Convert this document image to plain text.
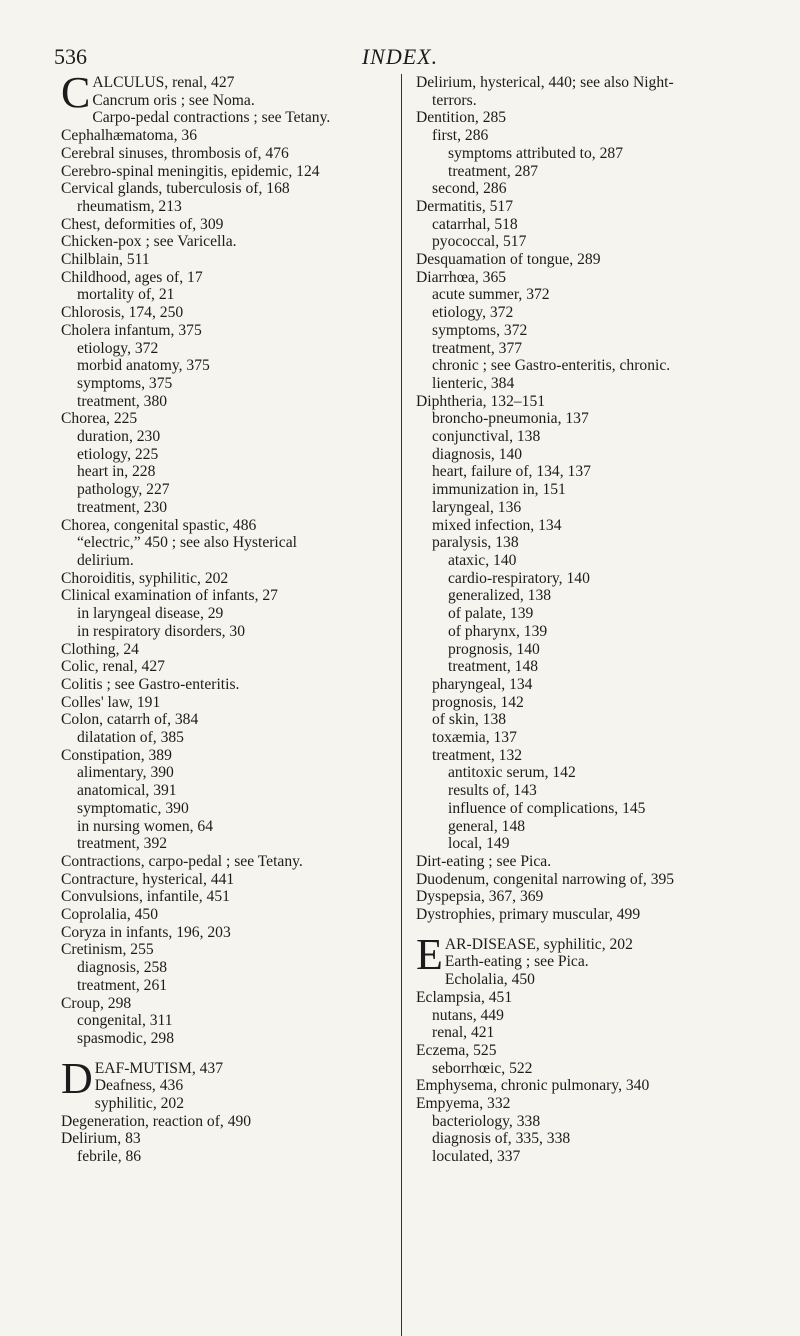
536	INDEX.
CALCULUS, renal, 427
Cancrum oris ; see Noma.
Carpo-pedal contractions ; see Tetany.
Cephalhæmatoma, 36
Cerebral sinuses, thrombosis of, 476
Cerebro-spinal meningitis, epidemic, 124
Cervical glands, tuberculosis of, 168
rheumatism, 213
Chest, deformities of, 309
Chicken-pox ; see Varicella.
Chilblain, 511
Childhood, ages of, 17
mortality of, 21
Chlorosis, 174, 250
Cholera infantum, 375
etiology, 372
morbid anatomy, 375
symptoms, 375
treatment, 380
Chorea, 225
duration, 230
etiology, 225
heart in, 228
pathology, 227
treatment, 230
Chorea, congenital spastic, 486
“electric,” 450 ; see also Hysterical
delirium.
Choroiditis, syphilitic, 202
Clinical examination of infants, 27
in laryngeal disease, 29
in respiratory disorders, 30
Clothing, 24
Colic, renal, 427
Colitis ; see Gastro-enteritis.
Colles' law, 191
Colon, catarrh of, 384
dilatation of, 385
Constipation, 389
alimentary, 390
anatomical, 391
symptomatic, 390
in nursing women, 64
treatment, 392
Contractions, carpo-pedal ; see Tetany.
Contracture, hysterical, 441
Convulsions, infantile, 451
Coprolalia, 450
Coryza in infants, 196, 203
Cretinism, 255
diagnosis, 258
treatment, 261
Croup, 298
congenital, 311
spasmodic, 298
DEAF-MUTISM, 437
Deafness, 436
syphilitic, 202
Degeneration, reaction of, 490
Delirium, 83
febrile, 86
Delirium, hysterical, 440; see also Night-
terrors.
Dentition, 285
first, 286
symptoms attributed to, 287
treatment, 287
second, 286
Dermatitis, 517
catarrhal, 518
pyococcal, 517
Desquamation of tongue, 289
Diarrhœa, 365
acute summer, 372
etiology, 372
symptoms, 372
treatment, 377
chronic ; see Gastro-enteritis, chronic.
lienteric, 384
Diphtheria, 132–151
broncho-pneumonia, 137
conjunctival, 138
diagnosis, 140
heart, failure of, 134, 137
immunization in, 151
laryngeal, 136
mixed infection, 134
paralysis, 138
ataxic, 140
cardio-respiratory, 140
generalized, 138
of palate, 139
of pharynx, 139
prognosis, 140
treatment, 148
pharyngeal, 134
prognosis, 142
of skin, 138
toxæmia, 137
treatment, 132
antitoxic serum, 142
results of, 143
influence of complications, 145
general, 148
local, 149
Dirt-eating ; see Pica.
Duodenum, congenital narrowing of, 395
Dyspepsia, 367, 369
Dystrophies, primary muscular, 499
EAR-DISEASE, syphilitic, 202
Earth-eating ; see Pica.
Echolalia, 450
Eclampsia, 451
nutans, 449
renal, 421
Eczema, 525
seborrhœic, 522
Emphysema, chronic pulmonary, 340
Empyema, 332
bacteriology, 338
diagnosis of, 335, 338
loculated, 337
